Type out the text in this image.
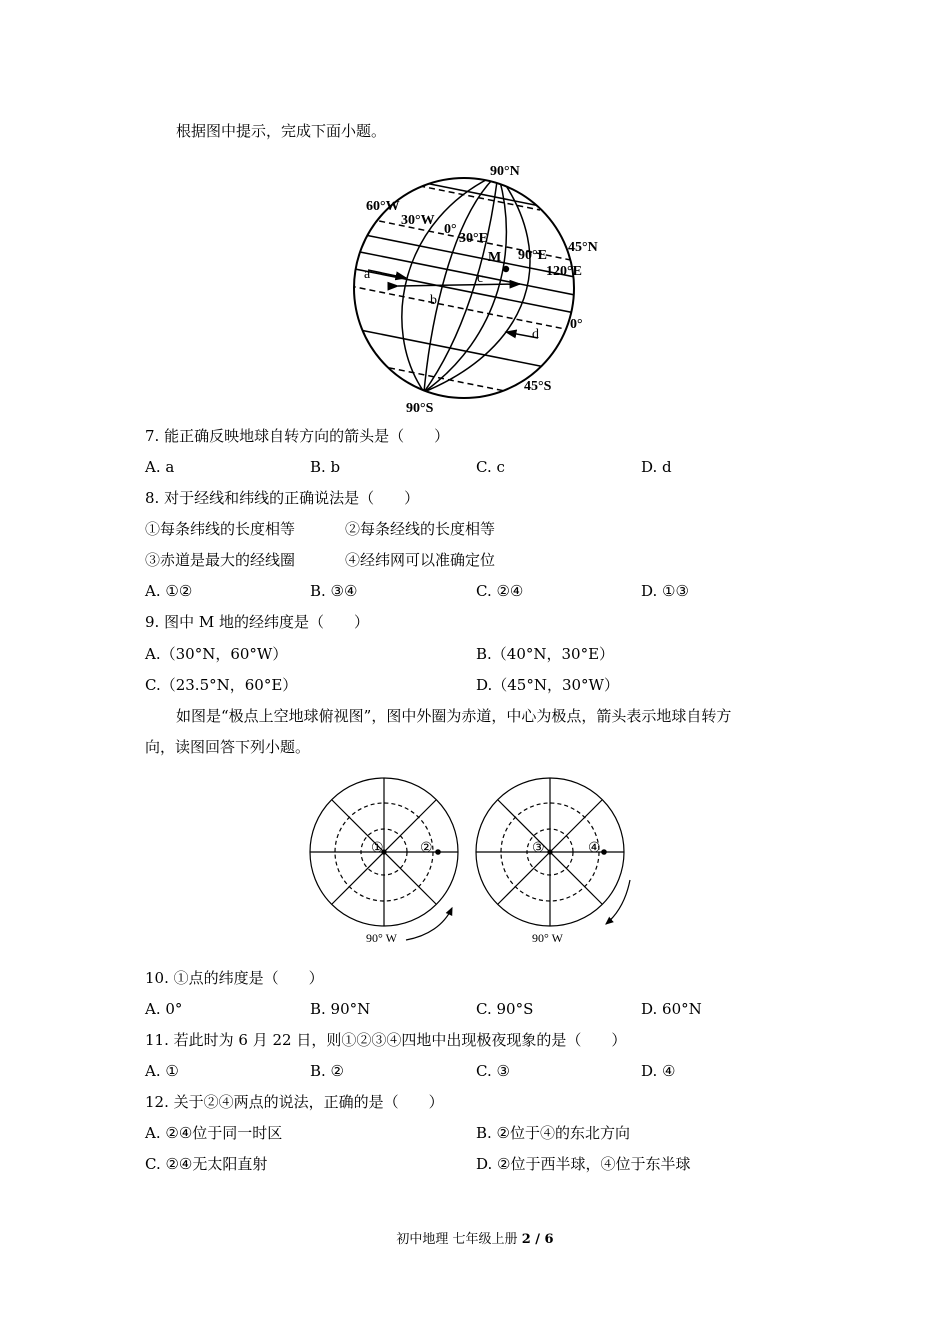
根据图中提示，完成下面小题。
90°N
60°W
30°W
0°
30°E
45°N
M 90°E
120°E
a	c
b
0°
d
45°S
90°S
7. 能正确反映地球自转方向的箭头是（　　）
A. a	B. b	C. c	D. d
8. 对于经线和纬线的正确说法是（　　）
①每条纬线的长度相等	②每条经线的长度相等
③赤道是最大的经线圈	④经纬网可以准确定位
A. ①②	B. ③④	C. ②④	D. ①③
9. 图中 M 地的经纬度是（　　）
A.（30°N，60°W）	B.（40°N，30°E）
C.（23.5°N，60°E）	D.（45°N，30°W）
如图是“极点上空地球俯视图”，图中外圈为赤道，中心为极点，箭头表示地球自转方
向，读图回答下列小题。
①	②
90° W
③	④
90° W
10. ①点的纬度是（　　）
A. 0°	B. 90°N	C. 90°S	D. 60°N
11. 若此时为 6 月 22 日，则①②③④四地中出现极夜现象的是（　　）
A. ①	B. ②	C. ③	D. ④
12. 关于②④两点的说法，正确的是（　　）
A. ②④位于同一时区	B. ②位于④的东北方向
C. ②④无太阳直射	D. ②位于西半球，④位于东半球
初中地理 七年级上册 2 / 6
